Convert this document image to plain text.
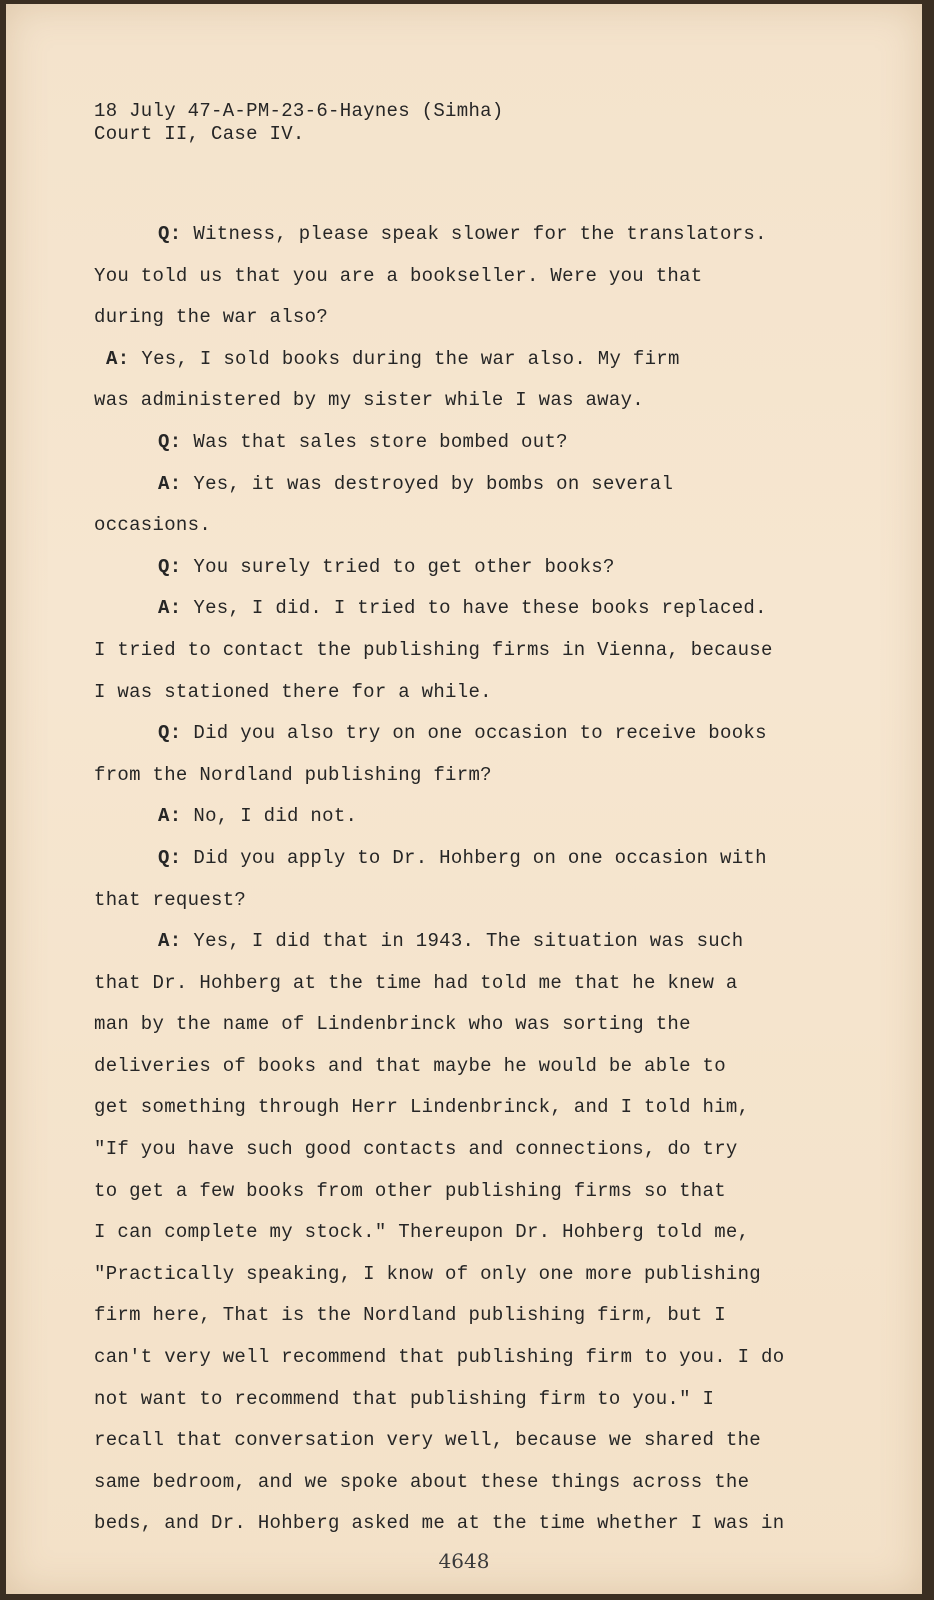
18 July 47-A-PM-23-6-Haynes (Simha)
Court II, Case IV.
Q: Witness, please speak slower for the translators.
You told us that you are a bookseller. Were you that
during the war also?
A: Yes, I sold books during the war also. My firm
was administered by my sister while I was away.
Q: Was that sales store bombed out?
A: Yes, it was destroyed by bombs on several
occasions.
Q: You surely tried to get other books?
A: Yes, I did. I tried to have these books replaced.
I tried to contact the publishing firms in Vienna, because
I was stationed there for a while.
Q: Did you also try on one occasion to receive books
from the Nordland publishing firm?
A: No, I did not.
Q: Did you apply to Dr. Hohberg on one occasion with
that request?
A: Yes, I did that in 1943. The situation was such
that Dr. Hohberg at the time had told me that he knew a
man by the name of Lindenbrinck who was sorting the
deliveries of books and that maybe he would be able to
get something through Herr Lindenbrinck, and I told him,
"If you have such good contacts and connections, do try
to get a few books from other publishing firms so that
I can complete my stock." Thereupon Dr. Hohberg told me,
"Practically speaking, I know of only one more publishing
firm here, That is the Nordland publishing firm, but I
can't very well recommend that publishing firm to you. I do
not want to recommend that publishing firm to you." I
recall that conversation very well, because we shared the
same bedroom, and we spoke about these things across the
beds, and Dr. Hohberg asked me at the time whether I was in
4648
